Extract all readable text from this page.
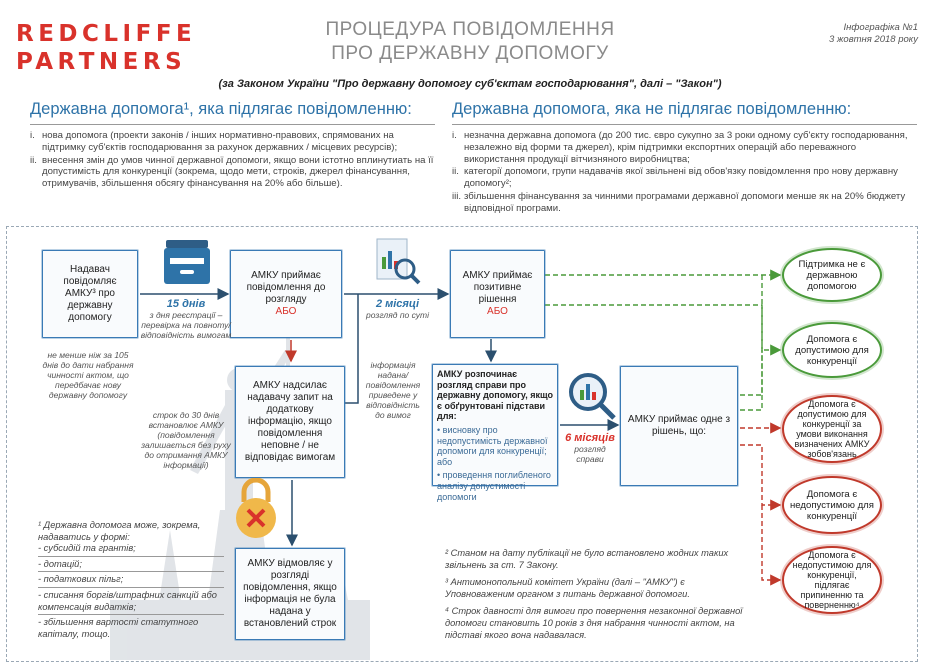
REDCLIFFE
PARTNERS
ПРОЦЕДУРА ПОВІДОМЛЕННЯ
ПРО ДЕРЖАВНУ ДОПОМОГУ
Інфографіка №1
3 жовтня 2018 року
(за Законом України "Про державну допомогу суб'єктам господарювання", далі – "Закон")
Державна допомога¹, яка підлягає повідомленню:
i. нова допомога (проекти законів / інших нормативно-правових, спрямованих на підтримку суб'єктів господарювання за рахунок державних / місцевих ресурсів);
ii. внесення змін до умов чинної державної допомоги, якщо вони істотно вплинутиать на її допустимість для конкуренції (зокрема, щодо мети, строків, джерел фінансування, отримувачів, збільшення обсягу фінансування на 20% або більше).
Державна допомога, яка не підлягає повідомленню:
i. незначна державна допомога (до 200 тис. євро сукупно за 3 роки одному суб'єкту господарювання, незалежно від форми та джерел), крім підтримки експортних операцій або переважного використання продукції вітчизняного виробництва;
ii. категорії допомоги, групи надавачів якої звільнені від обов'язку повідомлення про нову державну допомогу²;
iii. збільшення фінансування за чинними програмами державної допомоги менше як на 20% бюджету відповідної програми.
Надавач повідомляє АМКУ³ про державну допомогу
АМКУ приймає повідомлення до розгляду
АБО
АМКУ приймає позитивне рішення
АБО
АМКУ надсилає надавачу запит на додаткову інформацію, якщо повідомлення неповне / не відповідає вимогам
АМКУ відмовляє у розгляді повідомлення, якщо інформація не була надана у встановлений строк
АМКУ розпочинає розгляд справи про державну допомогу, якщо є обґрунтовані підстави для:
• висновку про недопустимість державної допомоги для конкуренції; або
• проведення поглибленого аналізу допустимості допомоги
АМКУ приймає одне з рішень, що:
15 днів
з дня реєстрації – перевірка на повноту/ відповідність вимогам
2 місяці
розгляд по суті
6 місяців
розгляд справи
інформація надана/ повідомлення приведене у відповідність до вимог
не менше ніж за 105 днів до дати набрання чинності актом, що передбачає нову державну допомогу
строк до 30 днів встановлює АМКУ (повідомлення залишається без руху до отримання АМКУ інформації)
Підтримка не є державною допомогою
Допомога є допустимою для конкуренції
Допомога є допустимою для конкуренції за умови виконання визначених АМКУ зобов'язань
Допомога є недопустимою для конкуренції
Допомога є недопустимою для конкуренції, підлягає припиненню та поверненню⁴
¹ Державна допомога може, зокрема, надаватись у формі:
- субсидій та грантів;
- дотацій;
- податкових пільг;
- списання боргів/штрафних санкцій або компенсація видатків;
- збільшення вартості статутного капіталу, тощо.
² Станом на дату публікації не було встановлено жодних таких звільнень за ст. 7 Закону.
³ Антимонопольний комітет України (далі – "АМКУ") є Уповноваженим органом з питань державної допомоги.
⁴ Строк давності для вимоги про повернення незаконної державної допомоги становить 10 років з дня набрання чинності актом, на підставі якого вона надавалася.
